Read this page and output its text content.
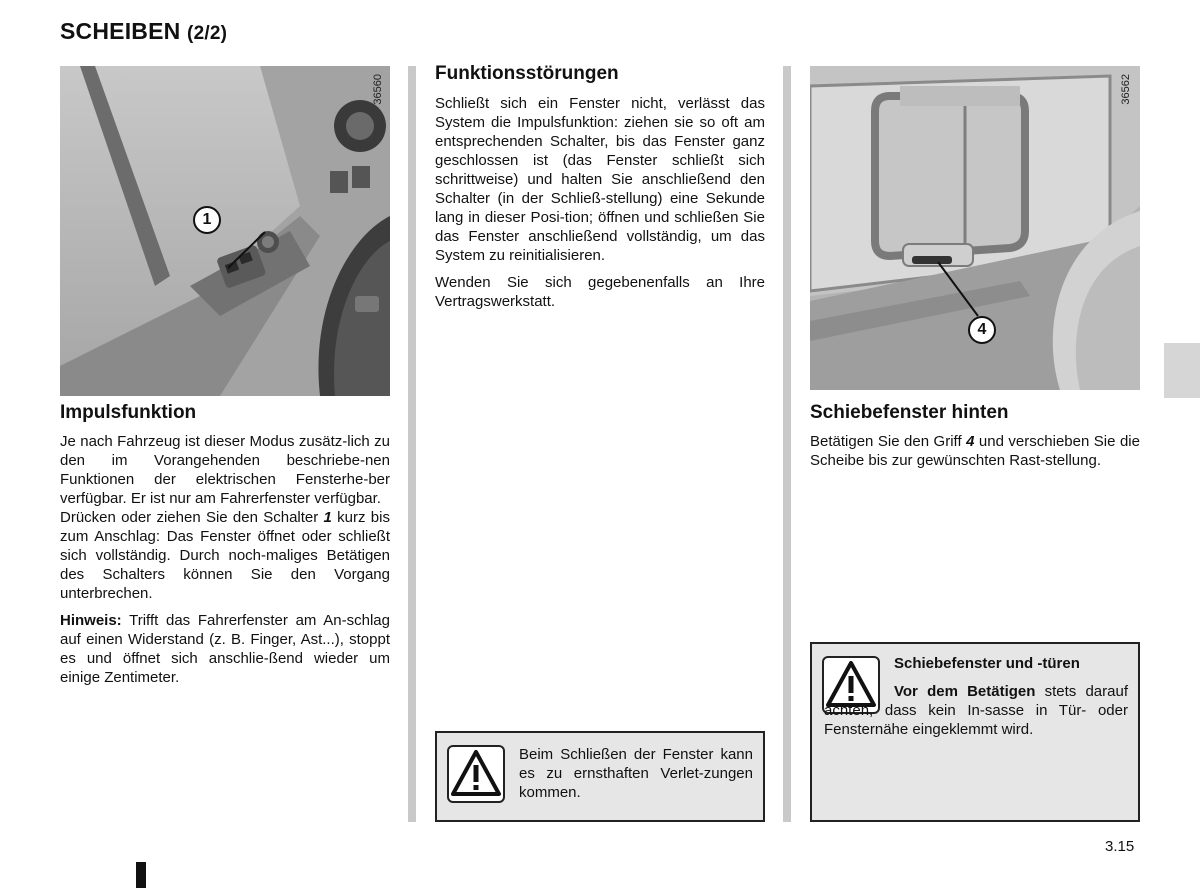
SCHEIBEN (2/2)
1
36560
4
36562
Impulsfunktion

Je nach Fahrzeug ist dieser Modus zusätz-lich zu den im Vorangehenden beschriebe-nen Funktionen der elektrischen Fensterhe-ber verfügbar. Er ist nur am Fahrerfenster verfügbar.
Drücken oder ziehen Sie den Schalter 1 kurz bis zum Anschlag: Das Fenster öffnet oder schließt sich vollständig. Durch noch-maliges Betätigen des Schalters können Sie den Vorgang unterbrechen.

Hinweis: Trifft das Fahrerfenster am An-schlag auf einen Widerstand (z. B. Finger, Ast...), stoppt es und öffnet sich anschlie-ßend wieder um einige Zentimeter.

Funktionsstörungen

Schließt sich ein Fenster nicht, verlässt das System die Impulsfunktion: ziehen sie so oft am entsprechenden Schalter, bis das Fenster ganz geschlossen ist (das Fenster schließt sich schrittweise) und halten Sie anschließend den Schalter (in der Schließ-stellung) eine Sekunde lang in dieser Posi-tion; öffnen und schließen Sie das Fenster anschließend vollständig, um das System zu reinitialisieren.

Wenden Sie sich gegebenenfalls an Ihre Vertragswerkstatt.

Beim Schließen der Fenster kann es zu ernsthaften Verlet-zungen kommen.
Schiebefenster hinten

Betätigen Sie den Griff 4 und verschieben Sie die Scheibe bis zur gewünschten Rast-stellung.

Schiebefenster und -türen
Vor dem Betätigen stets darauf achten, dass kein In-sasse in Tür- oder Fensternähe eingeklemmt wird.
3.15
